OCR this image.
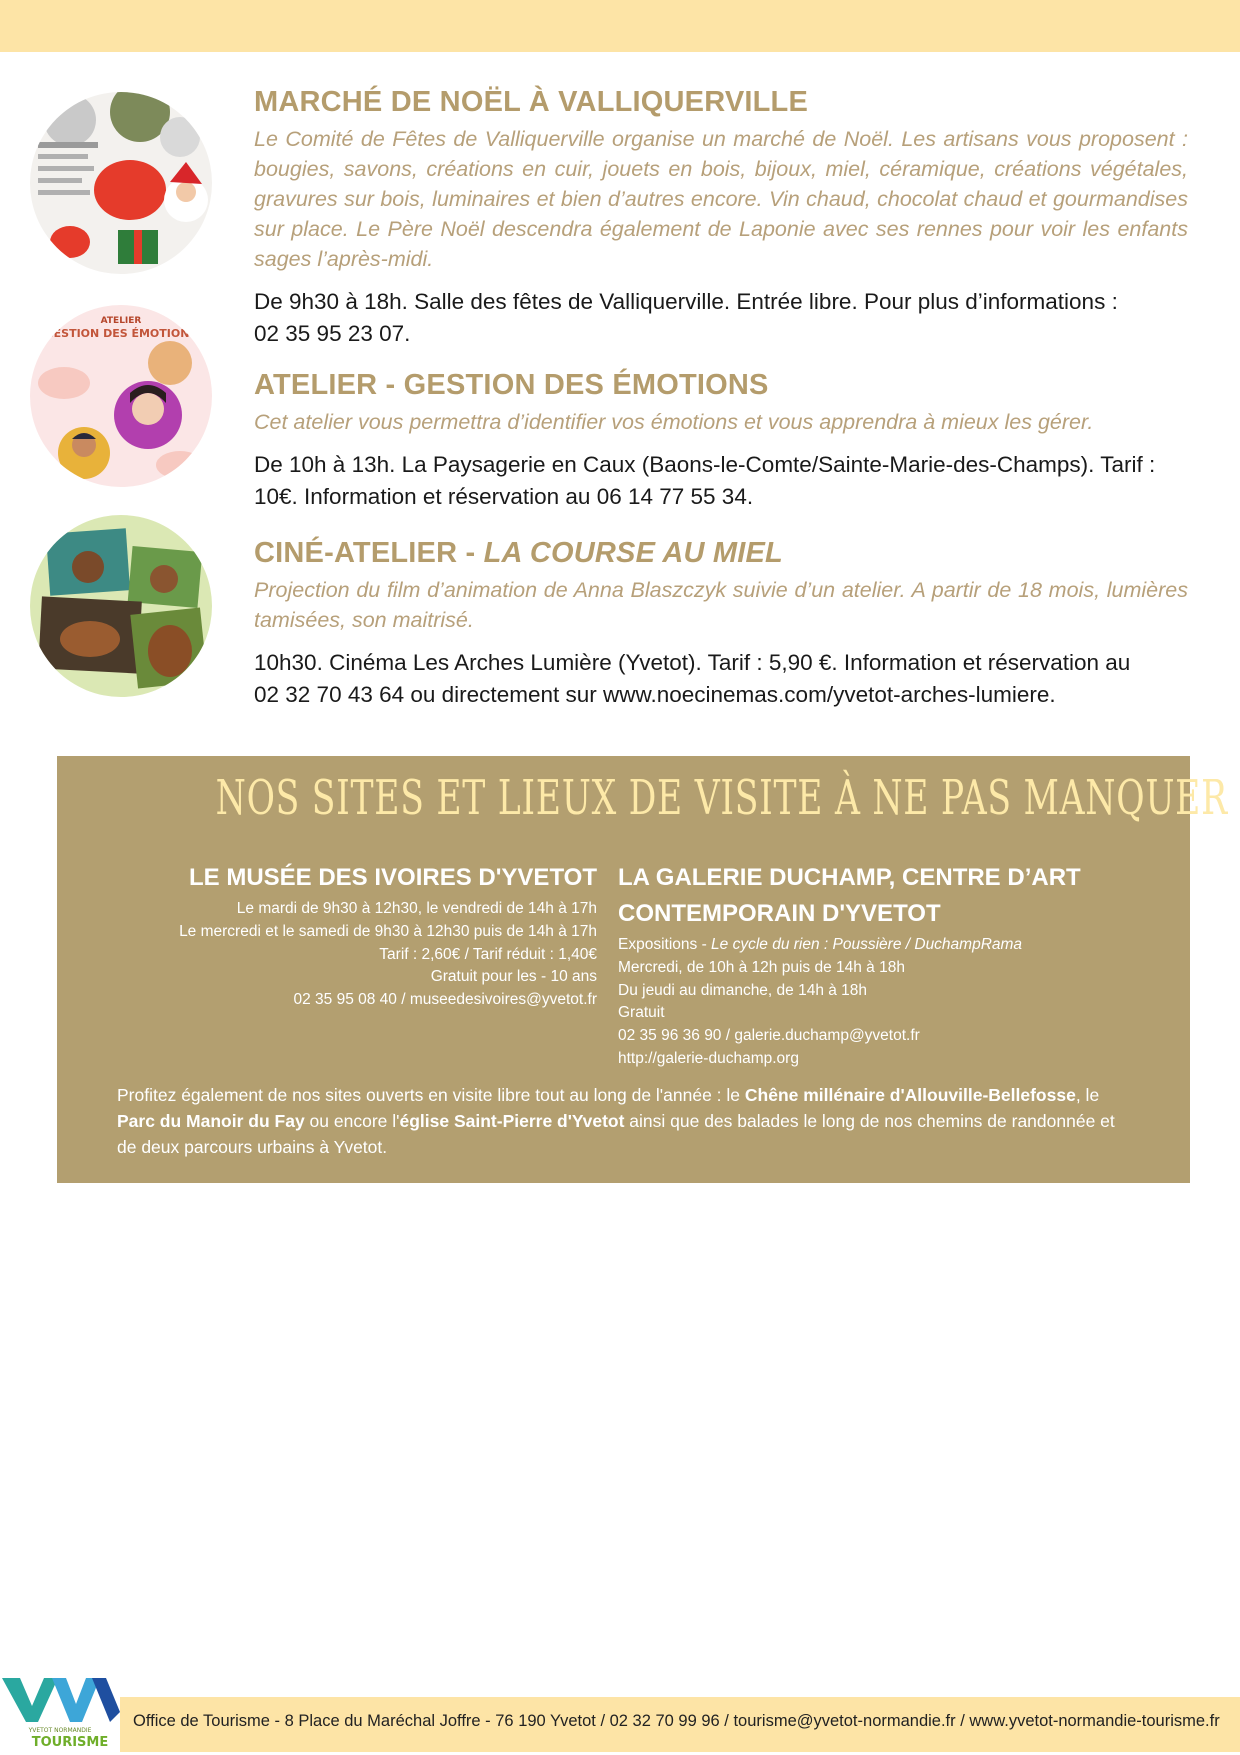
MARCHÉ DE NOËL À VALLIQUERVILLE
Le Comité de Fêtes de Valliquerville organise un marché de Noël. Les artisans vous proposent : bougies, savons, créations en cuir, jouets en bois, bijoux, miel, céramique, créations végétales, gravures sur bois, luminaires et bien d’autres encore. Vin chaud, chocolat chaud et gourmandises sur place. Le Père Noël descendra également de Laponie avec ses rennes pour voir les enfants sages l’après-midi.
De 9h30 à 18h. Salle des fêtes de Valliquerville. Entrée libre. Pour plus d’informations :
02 35 95 23 07.
ATELIER
GESTION DES ÉMOTIONS
ATELIER - GESTION DES ÉMOTIONS
Cet atelier vous permettra d’identifier vos émotions et vous apprendra à mieux les gérer.
De 10h à 13h. La Paysagerie en Caux (Baons-le-Comte/Sainte-Marie-des-Champs). Tarif :
10€. Information et réservation au 06 14 77 55 34.
CINÉ-ATELIER - LA COURSE AU MIEL
Projection du film d’animation de Anna Blaszczyk suivie d’un atelier. A partir de 18 mois, lumières tamisées, son maitrisé.
10h30. Cinéma Les Arches Lumière (Yvetot). Tarif : 5,90 €. Information et réservation au
02 32 70 43 64 ou directement sur www.noecinemas.com/yvetot-arches-lumiere.
NOS SITES ET LIEUX DE VISITE À NE PAS MANQUER
LE MUSÉE DES IVOIRES D'YVETOT
Le mardi de 9h30 à 12h30, le vendredi de 14h à 17h
Le mercredi et le samedi de 9h30 à 12h30 puis de 14h à 17h
Tarif : 2,60€ / Tarif réduit : 1,40€
Gratuit pour les - 10 ans
02 35 95 08 40 / museedesivoires@yvetot.fr
LA GALERIE DUCHAMP, CENTRE D’ART
CONTEMPORAIN D'YVETOT
Expositions - Le cycle du rien : Poussière / DuchampRama
Mercredi, de 10h à 12h puis de 14h à 18h
Du jeudi au dimanche, de 14h à 18h
Gratuit
02 35 96 36 90 / galerie.duchamp@yvetot.fr
http://galerie-duchamp.org
Profitez également de nos sites ouverts en visite libre tout au long de l'année : le Chêne millénaire d'Allouville-Bellefosse, le Parc du Manoir du Fay ou encore l'église Saint-Pierre d'Yvetot ainsi que des balades le long de nos chemins de randonnée et de deux parcours urbains à Yvetot.
YVETOT NORMANDIE
TOURISME
Office de Tourisme - 8 Place du Maréchal Joffre - 76 190 Yvetot / 02 32 70 99 96 / tourisme@yvetot-normandie.fr / www.yvetot-normandie-tourisme.fr
